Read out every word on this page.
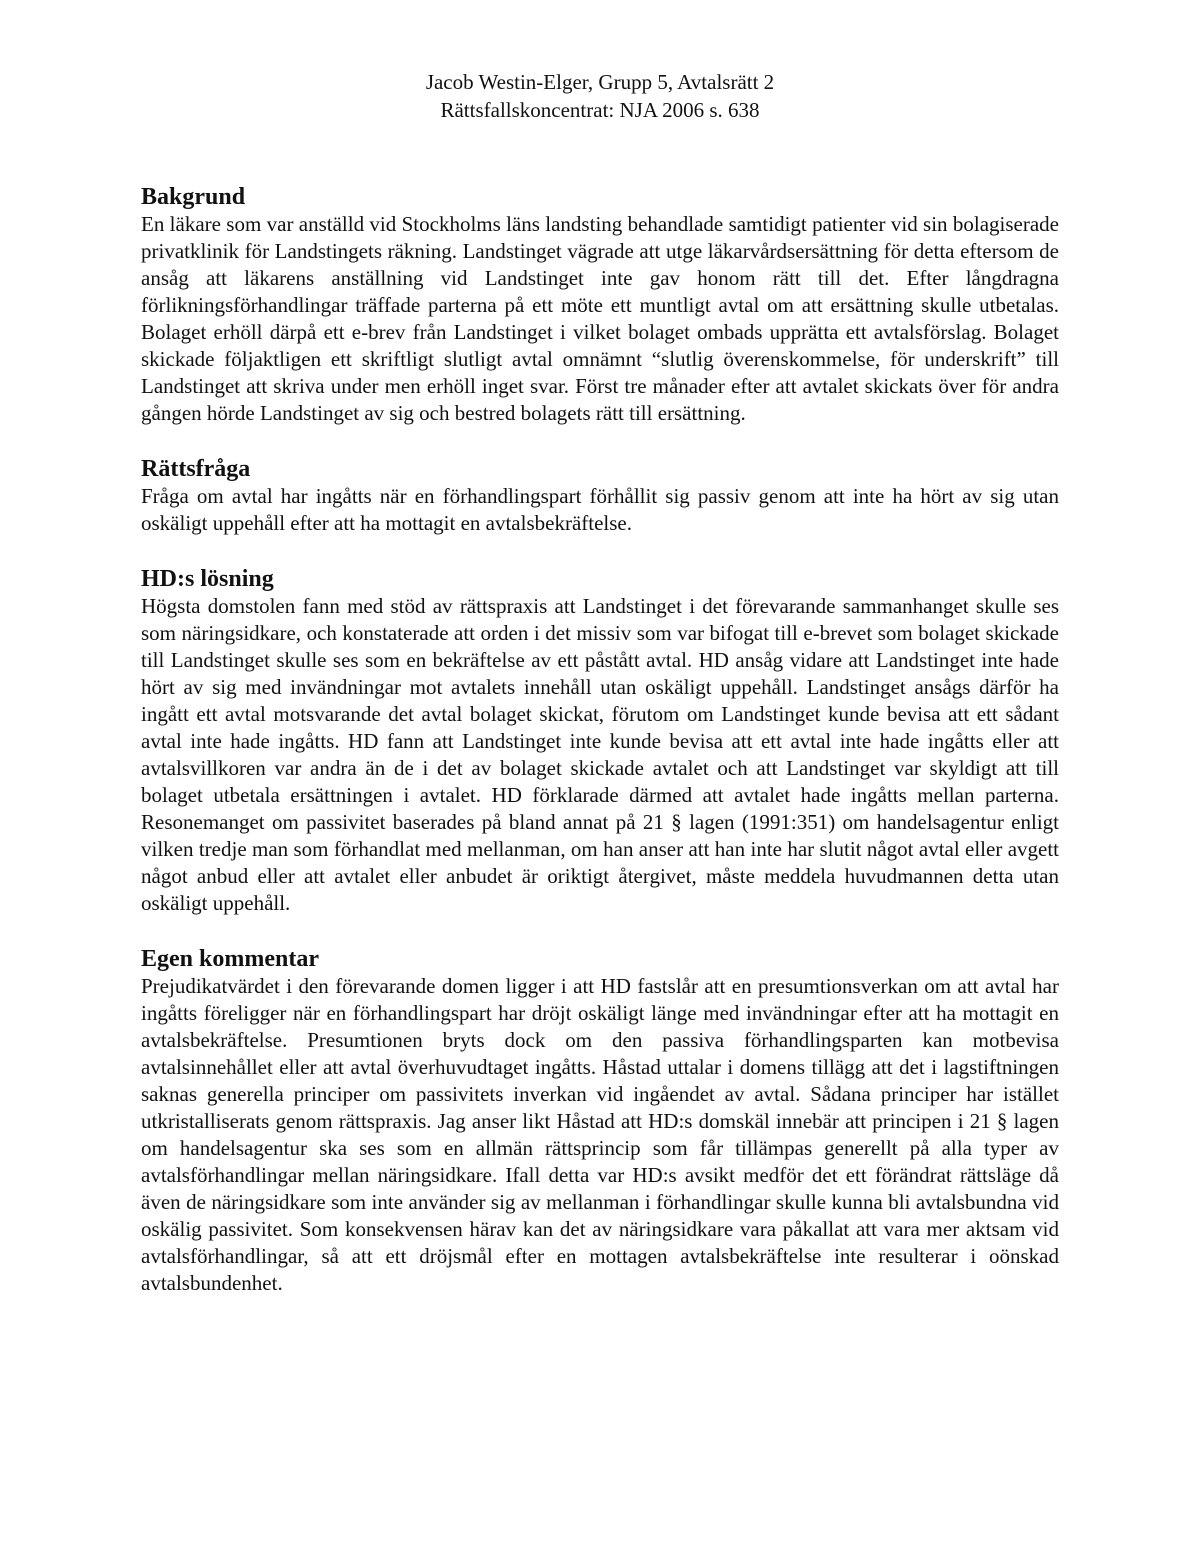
Jacob Westin-Elger, Grupp 5, Avtalsrätt 2
Rättsfallskoncentrat: NJA 2006 s. 638
Bakgrund

En läkare som var anställd vid Stockholms läns landsting behandlade samtidigt patienter vid sin bolagiserade privatklinik för Landstingets räkning. Landstinget vägrade att utge läkarvårdsersättning för detta eftersom de ansåg att läkarens anställning vid Landstinget inte gav honom rätt till det. Efter långdragna förlikningsförhandlingar träffade parterna på ett möte ett muntligt avtal om att ersättning skulle utbetalas. Bolaget erhöll därpå ett e-brev från Landstinget i vilket bolaget ombads upprätta ett avtalsförslag. Bolaget skickade följaktligen ett skriftligt slutligt avtal omnämnt “slutlig överenskommelse, för underskrift” till Landstinget att skriva under men erhöll inget svar. Först tre månader efter att avtalet skickats över för andra gången hörde Landstinget av sig och bestred bolagets rätt till ersättning.

Rättsfråga

Fråga om avtal har ingåtts när en förhandlingspart förhållit sig passiv genom att inte ha hört av sig utan oskäligt uppehåll efter att ha mottagit en avtalsbekräftelse.

HD:s lösning

Högsta domstolen fann med stöd av rättspraxis att Landstinget i det förevarande sammanhanget skulle ses som näringsidkare, och konstaterade att orden i det missiv som var bifogat till e-brevet som bolaget skickade till Landstinget skulle ses som en bekräftelse av ett påstått avtal. HD ansåg vidare att Landstinget inte hade hört av sig med invändningar mot avtalets innehåll utan oskäligt uppehåll. Landstinget ansågs därför ha ingått ett avtal motsvarande det avtal bolaget skickat, förutom om Landstinget kunde bevisa att ett sådant avtal inte hade ingåtts. HD fann att Landstinget inte kunde bevisa att ett avtal inte hade ingåtts eller att avtalsvillkoren var andra än de i det av bolaget skickade avtalet och att Landstinget var skyldigt att till bolaget utbetala ersättningen i avtalet. HD förklarade därmed att avtalet hade ingåtts mellan parterna. Resonemanget om passivitet baserades på bland annat på 21 § lagen (1991:351) om handelsagentur enligt vilken tredje man som förhandlat med mellanman, om han anser att han inte har slutit något avtal eller avgett något anbud eller att avtalet eller anbudet är oriktigt återgivet, måste meddela huvudmannen detta utan oskäligt uppehåll.

Egen kommentar

Prejudikatvärdet i den förevarande domen ligger i att HD fastslår att en presumtionsverkan om att avtal har ingåtts föreligger när en förhandlingspart har dröjt oskäligt länge med invändningar efter att ha mottagit en avtalsbekräftelse. Presumtionen bryts dock om den passiva förhandlingsparten kan motbevisa avtalsinnehållet eller att avtal överhuvudtaget ingåtts. Håstad uttalar i domens tillägg att det i lagstiftningen saknas generella principer om passivitets inverkan vid ingåendet av avtal. Sådana principer har istället utkristalliserats genom rättspraxis. Jag anser likt Håstad att HD:s domskäl innebär att principen i 21 § lagen om handelsagentur ska ses som en allmän rättsprincip som får tillämpas generellt på alla typer av avtalsförhandlingar mellan näringsidkare. Ifall detta var HD:s avsikt medför det ett förändrat rättsläge då även de näringsidkare som inte använder sig av mellanman i förhandlingar skulle kunna bli avtalsbundna vid oskälig passivitet. Som konsekvensen härav kan det av näringsidkare vara påkallat att vara mer aktsam vid avtalsförhandlingar, så att ett dröjsmål efter en mottagen avtalsbekräftelse inte resulterar i oönskad avtalsbundenhet.
